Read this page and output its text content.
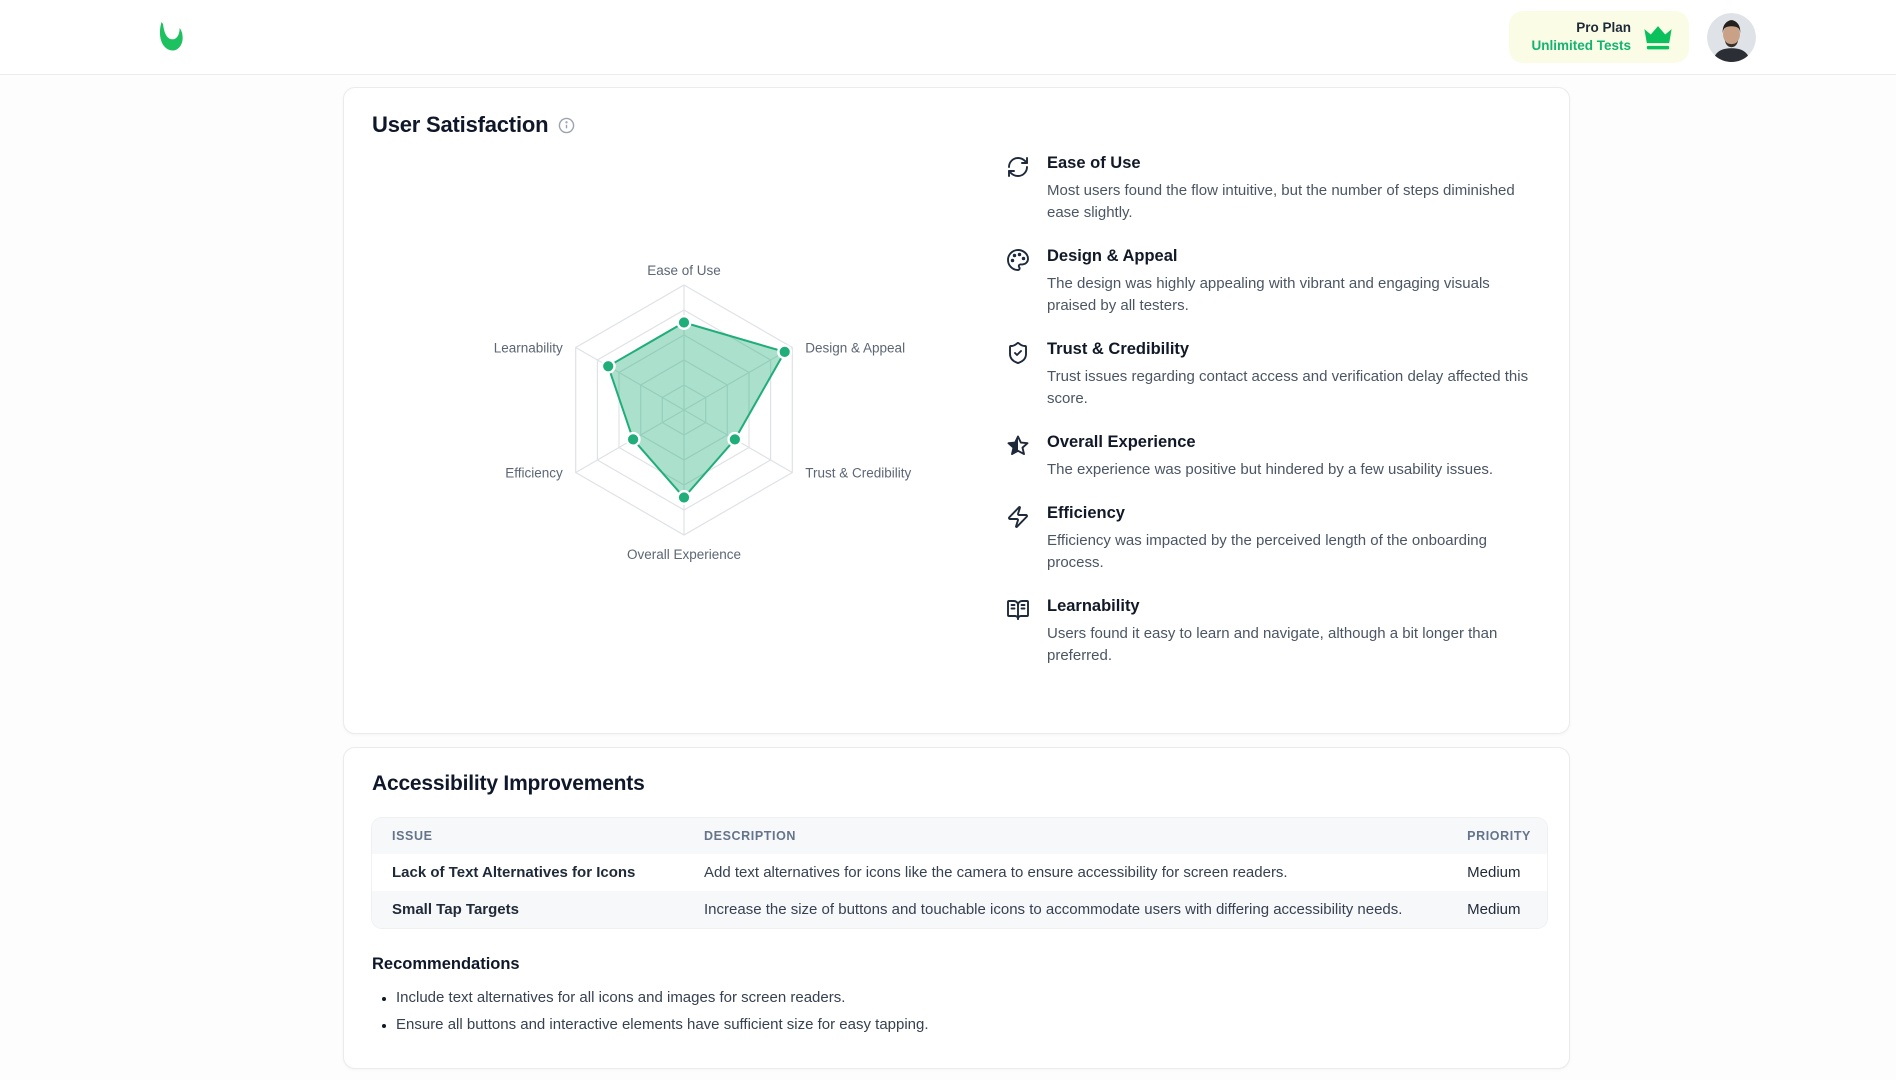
Pro Plan
Unlimited Tests
User Satisfaction
Ease of Use
Design & Appeal
Trust & Credibility
Overall Experience
Efficiency
Learnability
Ease of Use
Most users found the flow intuitive, but the number of steps diminished ease slightly.
Design & Appeal
The design was highly appealing with vibrant and engaging visuals praised by all testers.
Trust & Credibility
Trust issues regarding contact access and verification delay affected this score.
Overall Experience
The experience was positive but hindered by a few usability issues.
Efficiency
Efficiency was impacted by the perceived length of the onboarding process.
Learnability
Users found it easy to learn and navigate, although a bit longer than preferred.
Accessibility Improvements
ISSUE	DESCRIPTION	PRIORITY
Lack of Text Alternatives for Icons	Add text alternatives for icons like the camera to ensure accessibility for screen readers.	Medium
Small Tap Targets	Increase the size of buttons and touchable icons to accommodate users with differing accessibility needs.	Medium
Recommendations
• Include text alternatives for all icons and images for screen readers.
• Ensure all buttons and interactive elements have sufficient size for easy tapping.
